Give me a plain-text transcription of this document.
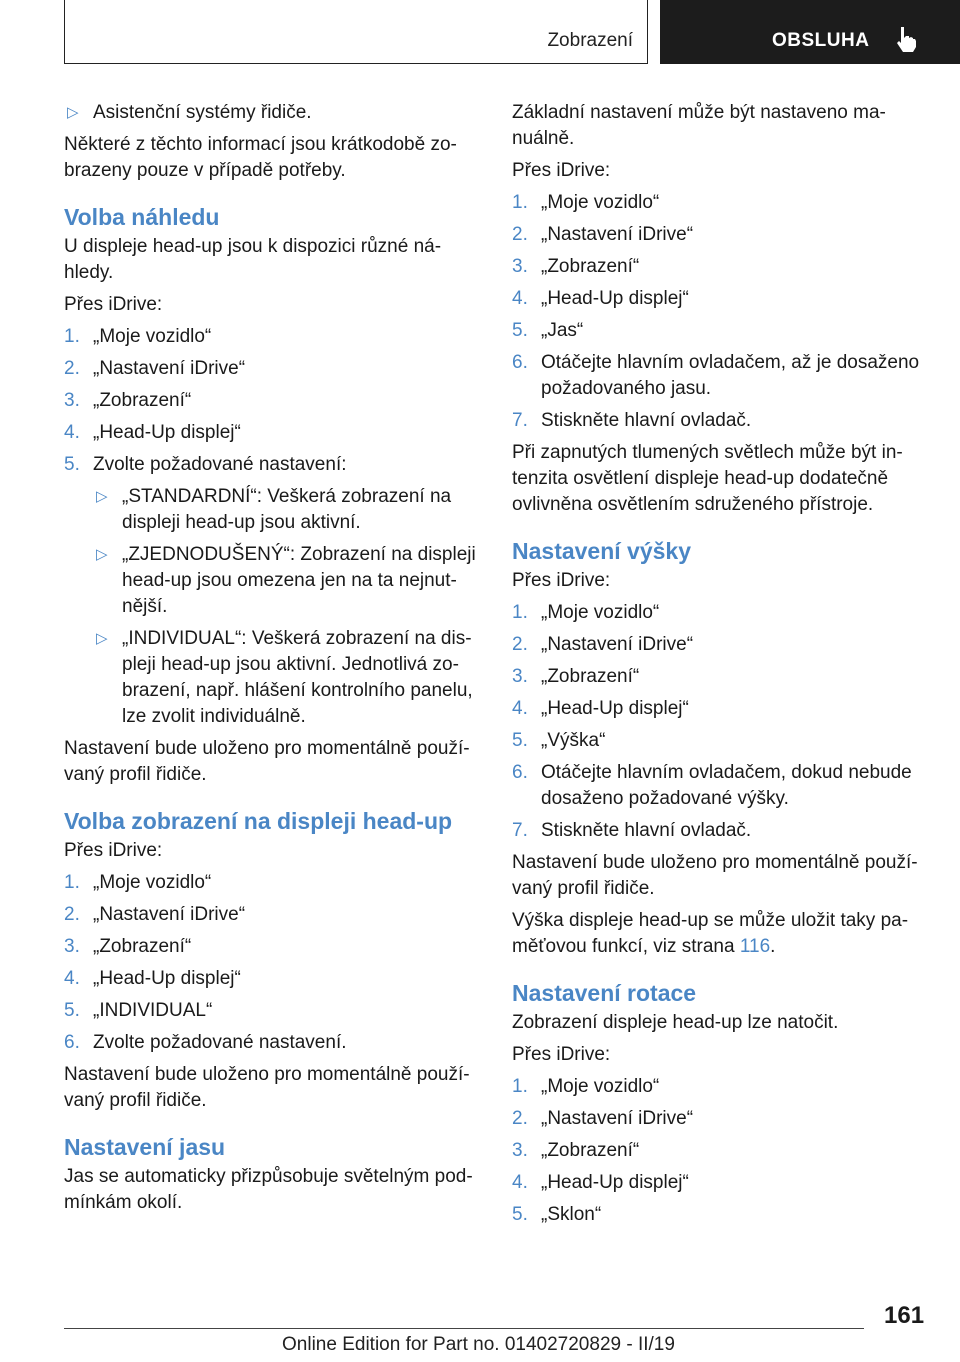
Zobrazení	OBSLUHA
▷ Asistenční systémy řidiče.

Některé z těchto informací jsou krátkodobě zo-brazeny pouze v případě potřeby.

Volba náhledu

U displeje head-up jsou k dispozici různé ná-hledy.

Přes iDrive:

1. „Moje vozidlo“
2. „Nastavení iDrive“
3. „Zobrazení“
4. „Head-Up displej“
5. Zvolte požadované nastavení:
▷ „STANDARDNÍ“: Veškerá zobrazení na displeji head-up jsou aktivní.
▷ „ZJEDNODUŠENÝ“: Zobrazení na displeji head-up jsou omezena jen na ta nejnut-nější.
▷ „INDIVIDUAL“: Veškerá zobrazení na dis-pleji head-up jsou aktivní. Jednotlivá zo-brazení, např. hlášení kontrolního panelu, lze zvolit individuálně.

Nastavení bude uloženo pro momentálně použí-vaný profil řidiče.

Volba zobrazení na displeji head-up

Přes iDrive:

1. „Moje vozidlo“
2. „Nastavení iDrive“
3. „Zobrazení“
4. „Head-Up displej“
5. „INDIVIDUAL“
6. Zvolte požadované nastavení.

Nastavení bude uloženo pro momentálně použí-vaný profil řidiče.

Nastavení jasu

Jas se automaticky přizpůsobuje světelným pod-mínkám okolí.

Základní nastavení může být nastaveno ma-nuálně.

Přes iDrive:

1. „Moje vozidlo“
2. „Nastavení iDrive“
3. „Zobrazení“
4. „Head-Up displej“
5. „Jas“
6. Otáčejte hlavním ovladačem, až je dosaženo požadovaného jasu.
7. Stiskněte hlavní ovladač.

Při zapnutých tlumených světlech může být in-tenzita osvětlení displeje head-up dodatečně ovlivněna osvětlením sdruženého přístroje.

Nastavení výšky

Přes iDrive:

1. „Moje vozidlo“
2. „Nastavení iDrive“
3. „Zobrazení“
4. „Head-Up displej“
5. „Výška“
6. Otáčejte hlavním ovladačem, dokud nebude dosaženo požadované výšky.
7. Stiskněte hlavní ovladač.

Nastavení bude uloženo pro momentálně použí-vaný profil řidiče.

Výška displeje head-up se může uložit taky pa-měťovou funkcí, viz strana 116.

Nastavení rotace

Zobrazení displeje head-up lze natočit.

Přes iDrive:

1. „Moje vozidlo“
2. „Nastavení iDrive“
3. „Zobrazení“
4. „Head-Up displej“
5. „Sklon“
161
Online Edition for Part no. 01402720829 - II/19
